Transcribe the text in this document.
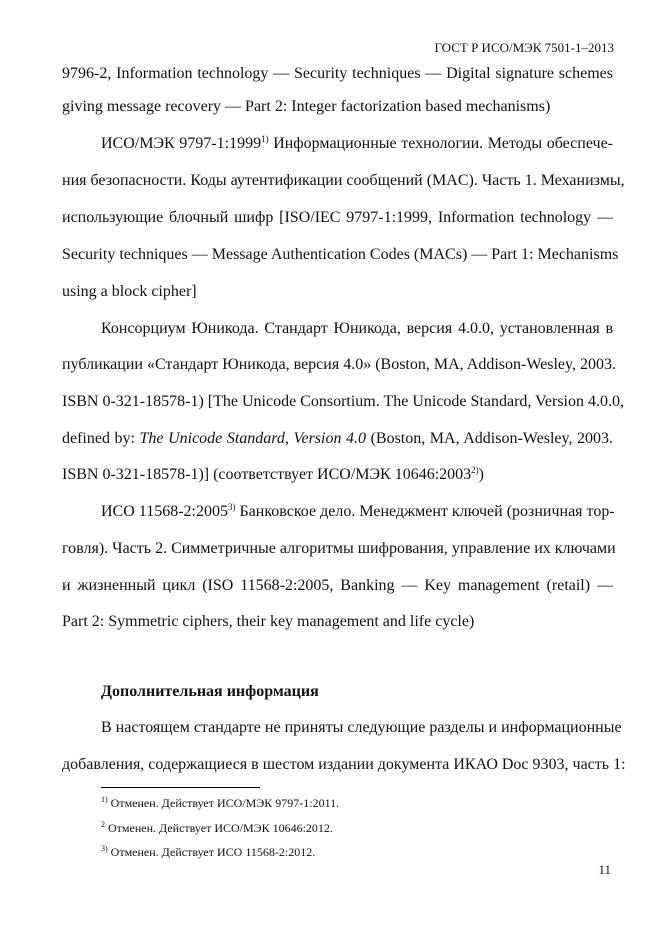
ГОСТ Р ИСО/МЭК 7501-1–2013
9796-2, Information technology — Security techniques — Digital signature schemes
giving message recovery — Part 2: Integer factorization based mechanisms)
ИСО/МЭК 9797-1:1999$^{1)}$ Информационные технологии. Методы обеспече-
ния безопасности. Коды аутентификации сообщений (MAC). Часть 1. Механизмы,
использующие блочный шифр [ISO/IEC 9797-1:1999, Information technology —
Security techniques — Message Authentication Codes (MACs) — Part 1: Mechanisms
using a block cipher]
Консорциум Юникода. Стандарт Юникода, версия 4.0.0, установленная в
публикации «Стандарт Юникода, версия 4.0» (Boston, MA, Addison-Wesley, 2003.
ISBN 0-321-18578-1) [The Unicode Consortium. The Unicode Standard, Version 4.0.0,
defined by: The Unicode Standard, Version 4.0 (Boston, MA, Addison-Wesley, 2003.
ISBN 0-321-18578-1)] (соответствует ИСО/МЭК 10646:2003$^{2)}$)
ИСО 11568-2:2005$^{3)}$ Банковское дело. Менеджмент ключей (розничная тор-
говля). Часть 2. Симметричные алгоритмы шифрования, управление их ключами
и жизненный цикл (ISO 11568-2:2005, Banking — Key management (retail) —
Part 2: Symmetric ciphers, their key management and life cycle)
Дополнительная информация
В настоящем стандарте не приняты следующие разделы и информационные
добавления, содержащиеся в шестом издании документа ИКАО Doc 9303, часть 1:
$^{1)}$ Отменен. Действует ИСО/МЭК 9797-1:2011.
$^2$ Отменен. Действует ИСО/МЭК 10646:2012.
$^{3)}$ Отменен. Действует ИСО 11568-2:2012.
11
